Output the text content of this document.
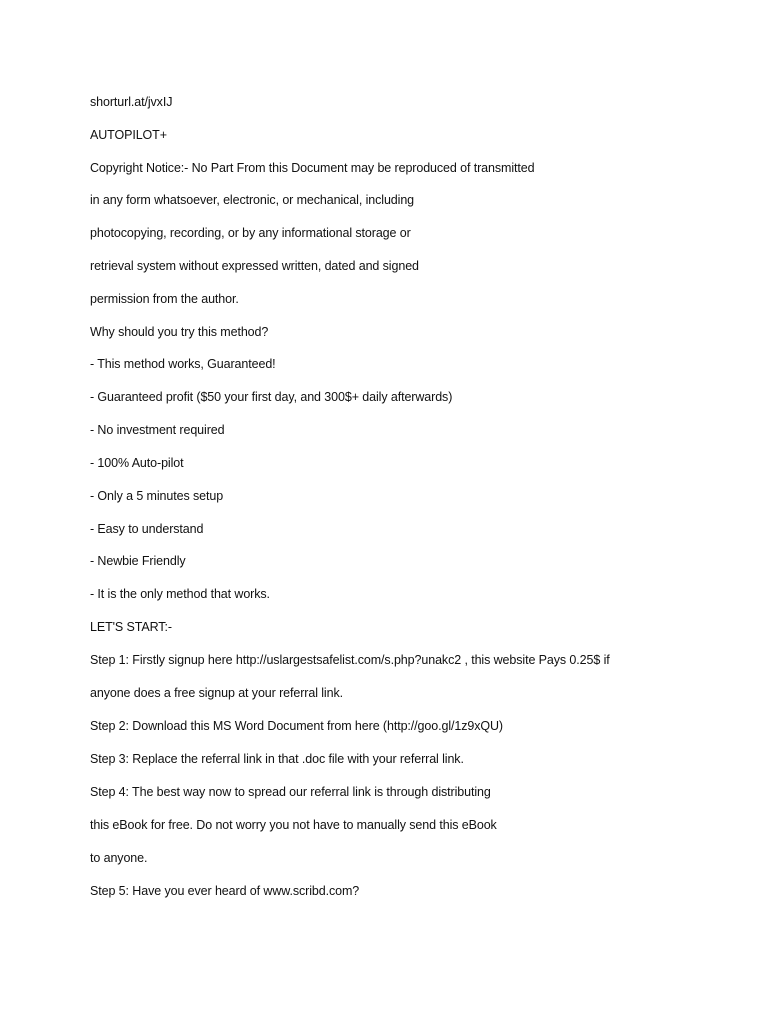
shorturl.at/jvxIJ

AUTOPILOT+

Copyright Notice:- No Part From this Document may be reproduced of transmitted

in any form whatsoever, electronic, or mechanical, including

photocopying, recording, or by any informational storage or

retrieval system without expressed written, dated and signed

permission from the author.

Why should you try this method?

- This method works, Guaranteed!

- Guaranteed profit ($50 your first day, and 300$+ daily afterwards)

- No investment required

- 100% Auto-pilot

- Only a 5 minutes setup

- Easy to understand

- Newbie Friendly

- It is the only method that works.

LET'S START:-

Step 1: Firstly signup here http://uslargestsafelist.com/s.php?unakc2 , this website Pays 0.25$ if

anyone does a free signup at your referral link.

Step 2: Download this MS Word Document from here (http://goo.gl/1z9xQU)

Step 3: Replace the referral link in that .doc file with your referral link.

Step 4: The best way now to spread our referral link is through distributing

this eBook for free. Do not worry you not have to manually send this eBook

to anyone.

Step 5: Have you ever heard of www.scribd.com?
